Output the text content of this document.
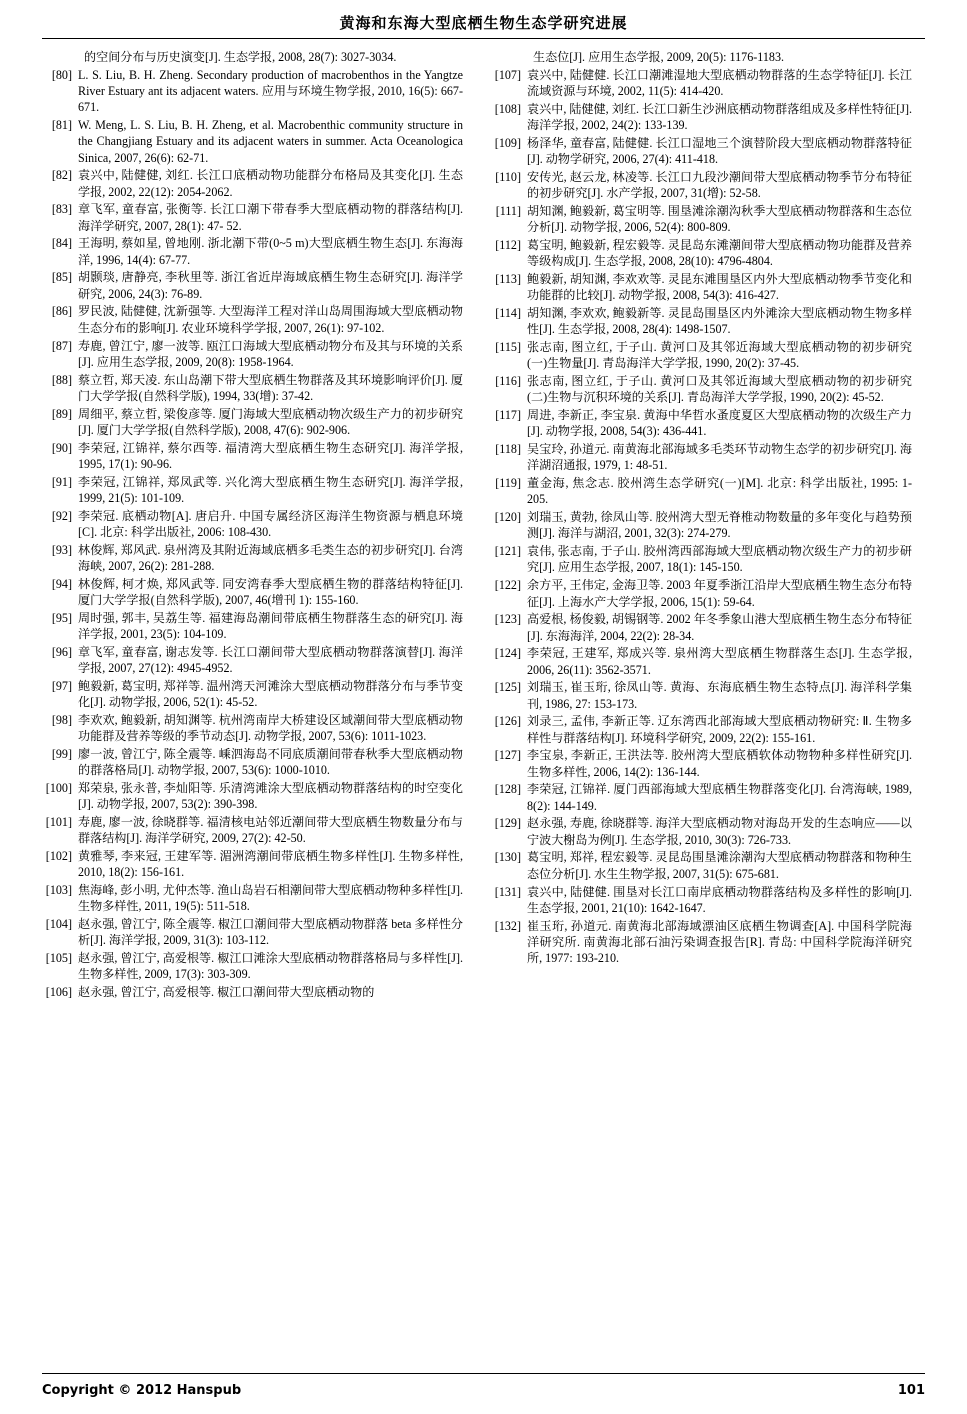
黄海和东海大型底栖生物生态学研究进展
的空间分布与历史演变[J]. 生态学报, 2008, 28(7): 3027-3034.
[80] L. S. Liu, B. H. Zheng. Secondary production of macrobenthos in the Yangtze River Estuary ant its adjacent waters. 应用与环境生物学报, 2010, 16(5): 667-671.
[81] W. Meng, L. S. Liu, B. H. Zheng, et al. Macrobenthic community structure in the Changjiang Estuary and its adjacent waters in summer. Acta Oceanologica Sinica, 2007, 26(6): 62-71.
[82] 袁兴中, 陆健健, 刘红. 长江口底栖动物功能群分布格局及其变化[J]. 生态学报, 2002, 22(12): 2054-2062.
[83] 章飞军, 童春富, 张衡等. 长江口潮下带春季大型底栖动物的群落结构[J]. 海洋学研究, 2007, 28(1): 47- 52.
[84] 王海明, 蔡如星, 曾地刚. 浙北潮下带(0~5 m)大型底栖生物生态[J]. 东海海洋, 1996, 14(4): 67-77.
[85] 胡颢琰, 唐静亮, 李秋里等. 浙江省近岸海域底栖生物生态研究[J]. 海洋学研究, 2006, 24(3): 76-89.
[86] 罗民波, 陆健健, 沈新强等. 大型海洋工程对洋山岛周围海域大型底栖动物生态分布的影响[J]. 农业环境科学学报, 2007, 26(1): 97-102.
[87] 寿鹿, 曾江宁, 廖一波等. 瓯江口海域大型底栖动物分布及其与环境的关系[J]. 应用生态学报, 2009, 20(8): 1958-1964.
[88] 蔡立哲, 郑天凌. 东山岛潮下带大型底栖生物群落及其环境影响评价[J]. 厦门大学学报(自然科学版), 1994, 33(增): 37-42.
[89] 周细平, 蔡立哲, 梁俊彦等. 厦门海域大型底栖动物次级生产力的初步研究[J]. 厦门大学学报(自然科学版), 2008, 47(6): 902-906.
[90] 李荣冠, 江锦祥, 蔡尔西等. 福清湾大型底栖生物生态研究[J]. 海洋学报, 1995, 17(1): 90-96.
[91] 李荣冠, 江锦祥, 郑凤武等. 兴化湾大型底栖生物生态研究[J]. 海洋学报, 1999, 21(5): 101-109.
[92] 李荣冠. 底栖动物[A]. 唐启升. 中国专属经济区海洋生物资源与栖息环境[C]. 北京: 科学出版社, 2006: 108-430.
[93] 林俊辉, 郑风武. 泉州湾及其附近海域底栖多毛类生态的初步研究[J]. 台湾海峡, 2007, 26(2): 281-288.
[94] 林俊辉, 柯才焕, 郑风武等. 同安湾春季大型底栖生物的群落结构特征[J]. 厦门大学学报(自然科学版), 2007, 46(增刊 1): 155-160.
[95] 周时强, 郭丰, 吴荔生等. 福建海岛潮间带底栖生物群落生态的研究[J]. 海洋学报, 2001, 23(5): 104-109.
[96] 章飞军, 童春富, 谢志发等. 长江口潮间带大型底栖动物群落演替[J]. 海洋学报, 2007, 27(12): 4945-4952.
[97] 鲍毅新, 葛宝明, 郑祥等. 温州湾天河滩涂大型底栖动物群落分布与季节变化[J]. 动物学报, 2006, 52(1): 45-52.
[98] 李欢欢, 鲍毅新, 胡知渊等. 杭州湾南岸大桥建设区域潮间带大型底栖动物功能群及营养等级的季节动态[J]. 动物学报, 2007, 53(6): 1011-1023.
[99] 廖一波, 曾江宁, 陈全震等. 嵊泗海岛不同底质潮间带春秋季大型底栖动物的群落格局[J]. 动物学报, 2007, 53(6): 1000-1010.
[100] 郑荣泉, 张永普, 李灿阳等. 乐清湾滩涂大型底栖动物群落结构的时空变化[J]. 动物学报, 2007, 53(2): 390-398.
[101] 寿鹿, 廖一波, 徐晓群等. 福清核电站邻近潮间带大型底栖生物数量分布与群落结构[J]. 海洋学研究, 2009, 27(2): 42-50.
[102] 黄雅琴, 李来冠, 王建军等. 湄洲湾潮间带底栖生物多样性[J]. 生物多样性, 2010, 18(2): 156-161.
[103] 焦海峰, 彭小明, 尤仲杰等. 渔山岛岩石相潮间带大型底栖动物种多样性[J]. 生物多样性, 2011, 19(5): 511-518.
[104] 赵永强, 曾江宁, 陈全震等. 椒江口潮间带大型底栖动物群落 beta 多样性分析[J]. 海洋学报, 2009, 31(3): 103-112.
[105] 赵永强, 曾江宁, 高爱根等. 椒江口滩涂大型底栖动物群落格局与多样性[J]. 生物多样性, 2009, 17(3): 303-309.
[106] 赵永强, 曾江宁, 高爱根等. 椒江口潮间带大型底栖动物的
生态位[J]. 应用生态学报, 2009, 20(5): 1176-1183.
[107] 袁兴中, 陆健健. 长江口潮滩湿地大型底栖动物群落的生态学特征[J]. 长江流域资源与环境, 2002, 11(5): 414-420.
[108] 袁兴中, 陆健健, 刘红. 长江口新生沙洲底栖动物群落组成及多样性特征[J]. 海洋学报, 2002, 24(2): 133-139.
[109] 杨泽华, 童春富, 陆健健. 长江口湿地三个演替阶段大型底栖动物群落特征[J]. 动物学研究, 2006, 27(4): 411-418.
[110] 安传光, 赵云龙, 林凌等. 长江口九段沙潮间带大型底栖动物季节分布特征的初步研究[J]. 水产学报, 2007, 31(增): 52-58.
[111] 胡知渊, 鲍毅新, 葛宝明等. 围垦滩涂潮沟秋季大型底栖动物群落和生态位分析[J]. 动物学报, 2006, 52(4): 800-809.
[112] 葛宝明, 鲍毅新, 程宏毅等. 灵昆岛东滩潮间带大型底栖动物功能群及营养等级构成[J]. 生态学报, 2008, 28(10): 4796-4804.
[113] 鲍毅新, 胡知渊, 李欢欢等. 灵昆东滩围垦区内外大型底栖动物季节变化和功能群的比较[J]. 动物学报, 2008, 54(3): 416-427.
[114] 胡知渊, 李欢欢, 鲍毅新等. 灵昆岛围垦区内外滩涂大型底栖动物生物多样性[J]. 生态学报, 2008, 28(4): 1498-1507.
[115] 张志南, 图立红, 于子山. 黄河口及其邻近海域大型底栖动物的初步研究(一)生物量[J]. 青岛海洋大学学报, 1990, 20(2): 37-45.
[116] 张志南, 图立红, 于子山. 黄河口及其邻近海域大型底栖动物的初步研究(二)生物与沉积环境的关系[J]. 青岛海洋大学学报, 1990, 20(2): 45-52.
[117] 周进, 李新正, 李宝泉. 黄海中华哲水蚤度夏区大型底栖动物的次级生产力[J]. 动物学报, 2008, 54(3): 436-441.
[118] 吴宝玲, 孙道元. 南黄海北部海域多毛类环节动物生态学的初步研究[J]. 海洋湖沼通报, 1979, 1: 48-51.
[119] 董金海, 焦念志. 胶州湾生态学研究(一)[M]. 北京: 科学出版社, 1995: 1-205.
[120] 刘瑞玉, 黄勃, 徐凤山等. 胶州湾大型无脊椎动物数量的多年变化与趋势预测[J]. 海洋与湖沼, 2001, 32(3): 274-279.
[121] 袁伟, 张志南, 于子山. 胶州湾西部海域大型底栖动物次级生产力的初步研究[J]. 应用生态学报, 2007, 18(1): 145-150.
[122] 余方平, 王伟定, 金海卫等. 2003 年夏季浙江沿岸大型底栖生物生态分布特征[J]. 上海水产大学学报, 2006, 15(1): 59-64.
[123] 高爱根, 杨俊毅, 胡锡钢等. 2002 年冬季象山港大型底栖生物生态分布特征[J]. 东海海洋, 2004, 22(2): 28-34.
[124] 李荣冠, 王建军, 郑成兴等. 泉州湾大型底栖生物群落生态[J]. 生态学报, 2006, 26(11): 3562-3571.
[125] 刘瑞玉, 崔玉珩, 徐凤山等. 黄海、东海底栖生物生态特点[J]. 海洋科学集刊, 1986, 27: 153-173.
[126] 刘录三, 孟伟, 李新正等. 辽东湾西北部海域大型底栖动物研究: Ⅱ. 生物多样性与群落结构[J]. 环境科学研究, 2009, 22(2): 155-161.
[127] 李宝泉, 李新正, 王洪法等. 胶州湾大型底栖软体动物物种多样性研究[J]. 生物多样性, 2006, 14(2): 136-144.
[128] 李荣冠, 江锦祥. 厦门西部海域大型底栖生物群落变化[J]. 台湾海峡, 1989, 8(2): 144-149.
[129] 赵永强, 寿鹿, 徐晓群等. 海洋大型底栖动物对海岛开发的生态响应——以宁波大榭岛为例[J]. 生态学报, 2010, 30(3): 726-733.
[130] 葛宝明, 郑祥, 程宏毅等. 灵昆岛围垦滩涂潮沟大型底栖动物群落和物种生态位分析[J]. 水生生物学报, 2007, 31(5): 675-681.
[131] 袁兴中, 陆健健. 围垦对长江口南岸底栖动物群落结构及多样性的影响[J]. 生态学报, 2001, 21(10): 1642-1647.
[132] 崔玉珩, 孙道元. 南黄海北部海域漂油区底栖生物调查[A]. 中国科学院海洋研究所. 南黄海北部石油污染调查报告[R]. 青岛: 中国科学院海洋研究所, 1977: 193-210.
Copyright © 2012 Hanspub	101
